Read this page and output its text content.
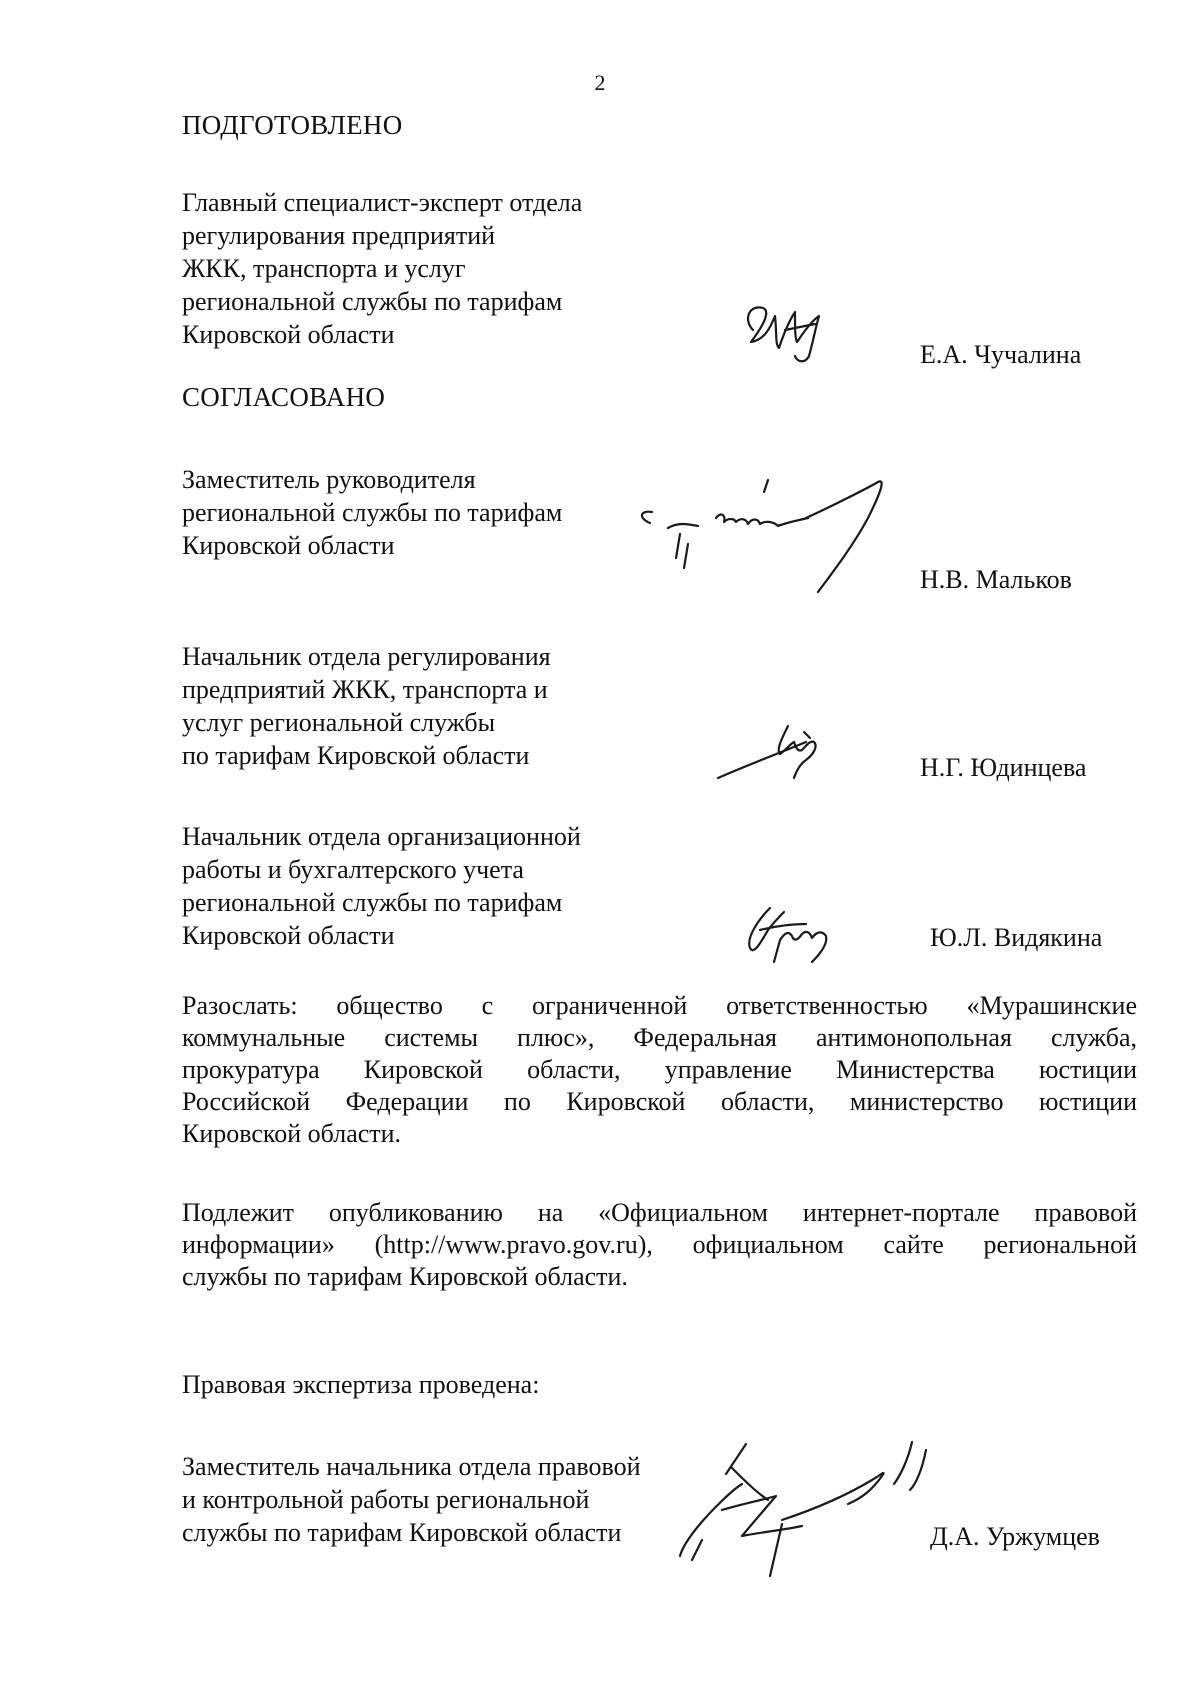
2
ПОДГОТОВЛЕНО
Главный специалист-эксперт отдела
регулирования предприятий
ЖКК, транспорта и услуг
региональной службы по тарифам
Кировской области
Е.А. Чучалина
СОГЛАСОВАНО
Заместитель руководителя
региональной службы по тарифам
Кировской области
Н.В. Мальков
Начальник отдела регулирования
предприятий ЖКК, транспорта и
услуг региональной службы
по тарифам Кировской области	Н.Г. Юдинцева
Начальник отдела организационной
работы и бухгалтерского учета
региональной службы по тарифам
Кировской области	Ю.Л. Видякина
Разослать: общество с ограниченной ответственностью «Мурашинские
коммунальные системы плюс», Федеральная антимонопольная служба,
прокуратура Кировской области, управление Министерства юстиции
Российской Федерации по Кировской области, министерство юстиции
Кировской области.
Подлежит опубликованию на «Официальном интернет-портале правовой
информации» (http://www.pravo.gov.ru), официальном сайте региональной
службы по тарифам Кировской области.
Правовая экспертиза проведена:
Заместитель начальника отдела правовой
и контрольной работы региональной
службы по тарифам Кировской области	Д.А. Уржумцев
